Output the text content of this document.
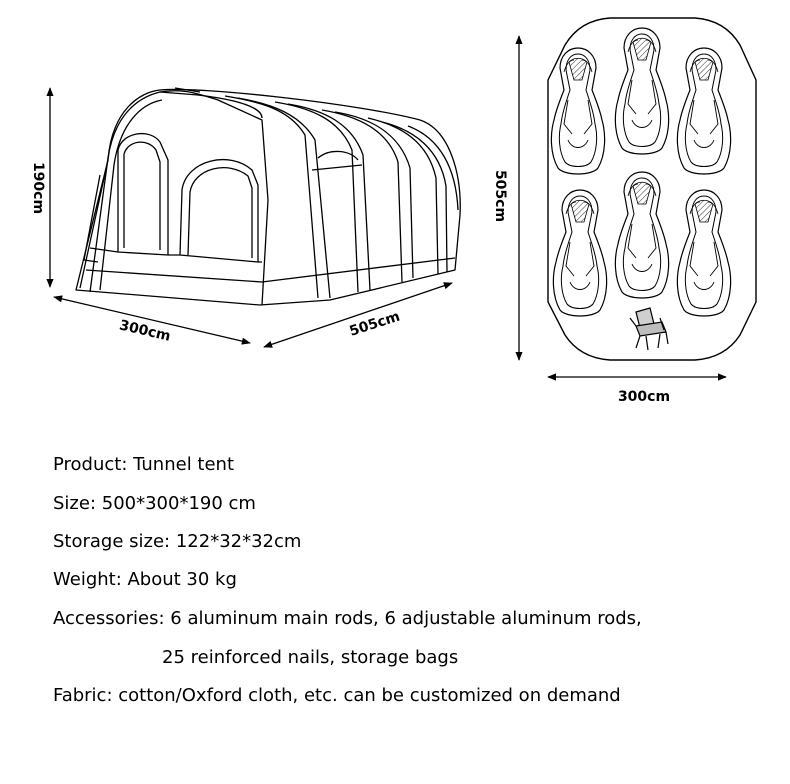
190cm
300cm	505cm
505cm
300cm
Product: Tunnel tent
Size: 500*300*190 cm
Storage size: 122*32*32cm
Weight: About 30 kg
Accessories: 6 aluminum main rods, 6 adjustable aluminum rods,
25 reinforced nails, storage bags
Fabric: cotton/Oxford cloth, etc. can be customized on demand
